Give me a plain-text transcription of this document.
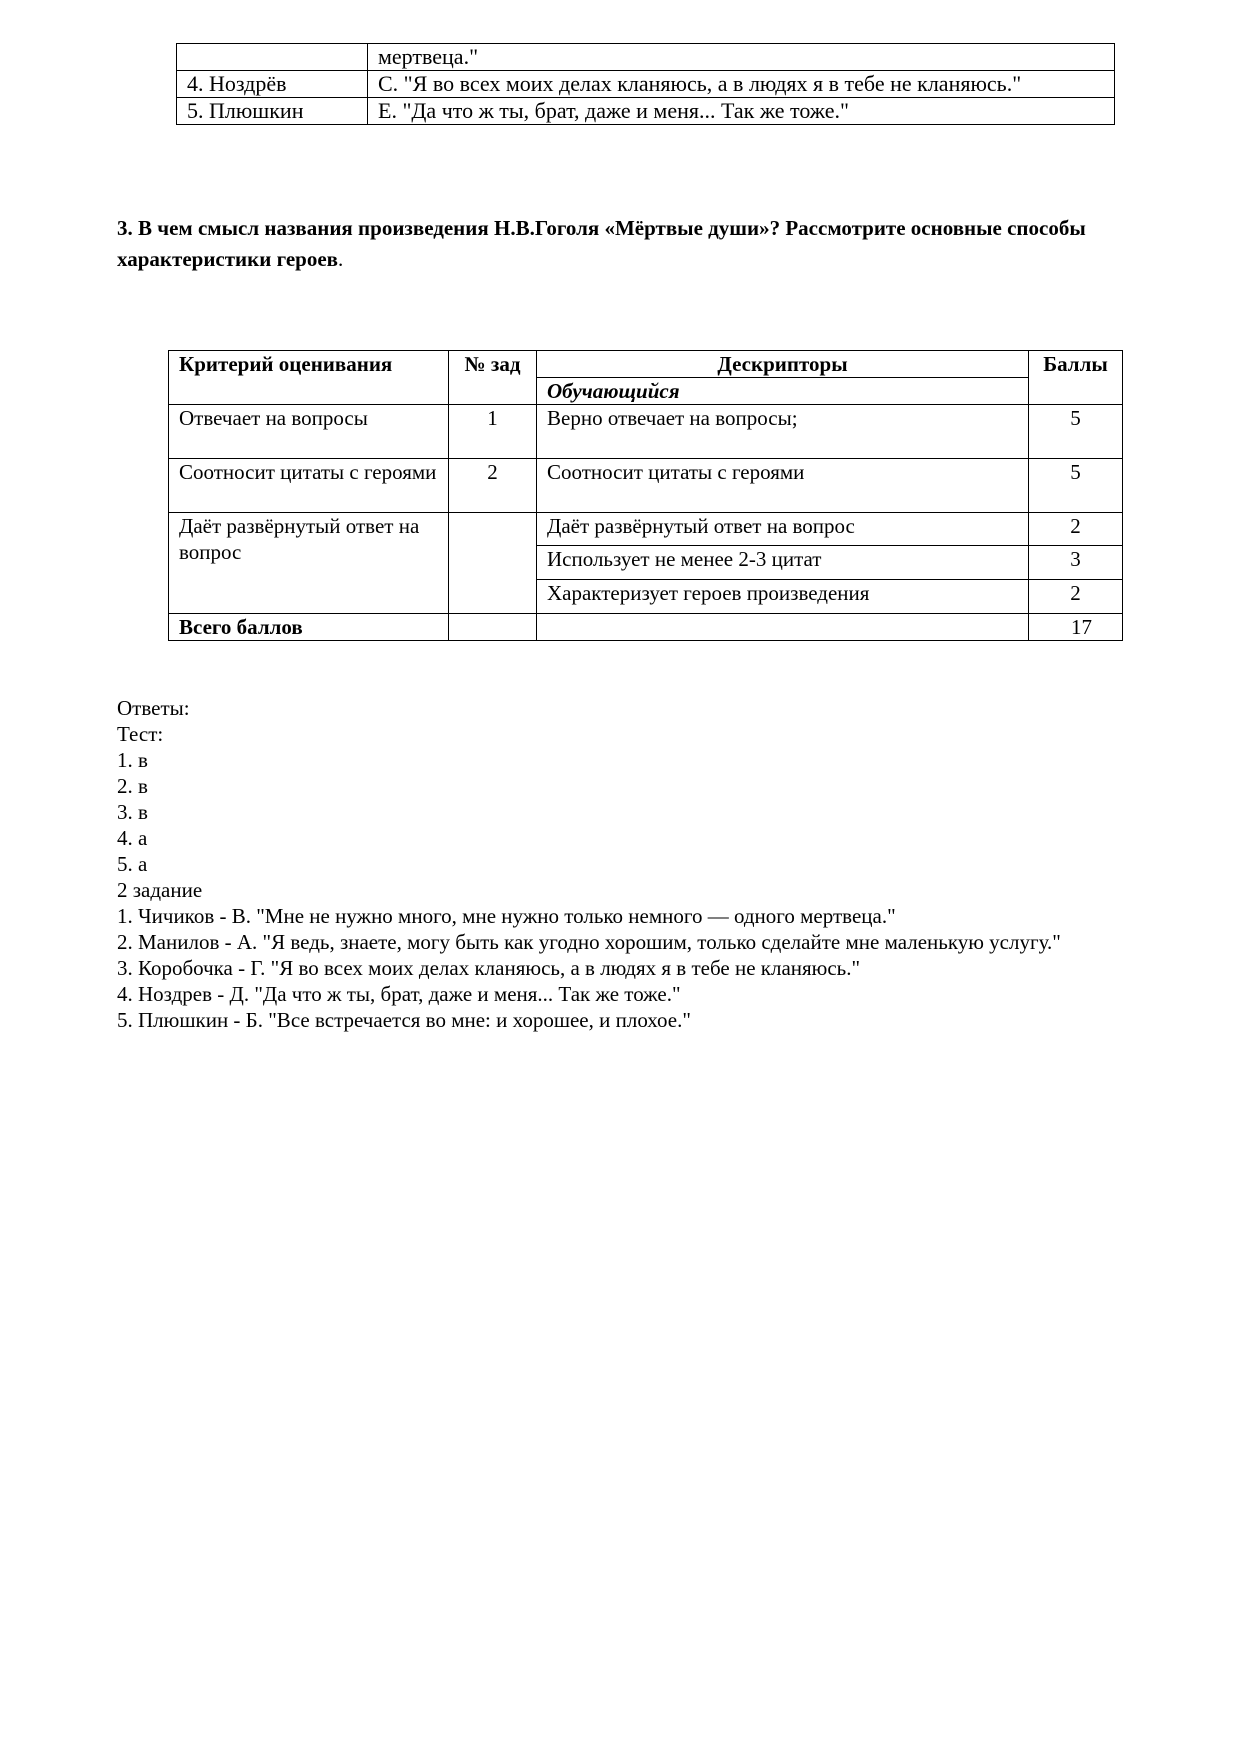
	мертвеца."
4. Ноздрёв	С. "Я во всех моих делах кланяюсь, а в людях я в тебе не кланяюсь."
5. Плюшкин	Е. "Да что ж ты, брат, даже и меня... Так же тоже."
3. В чем смысл названия произведения Н.В.Гоголя «Мёртвые души»? Рассмотрите основные способы характеристики героев.
Критерий оценивания	№ зад	Дескрипторы	Баллы
		Обучающийся	
Отвечает на вопросы	1	Верно отвечает на вопросы;	5
Соотносит цитаты с героями	2	Соотносит цитаты с героями	5
Даёт развёрнутый ответ на вопрос		Даёт развёрнутый ответ на вопрос	2
		Использует не менее 2-3 цитат	3
		Характеризует героев произведения	2
Всего баллов			17
Ответы:
Тест:
1. в
2. в
3. в
4. а
5. а
2 задание
1. Чичиков - В. "Мне не нужно много, мне нужно только немного — одного мертвеца."
2. Манилов - А. "Я ведь, знаете, могу быть как угодно хорошим, только сделайте мне маленькую услугу."
3. Коробочка - Г. "Я во всех моих делах кланяюсь, а в людях я в тебе не кланяюсь."
4. Ноздрев - Д. "Да что ж ты, брат, даже и меня... Так же тоже."
5. Плюшкин - Б. "Все встречается во мне: и хорошее, и плохое."
